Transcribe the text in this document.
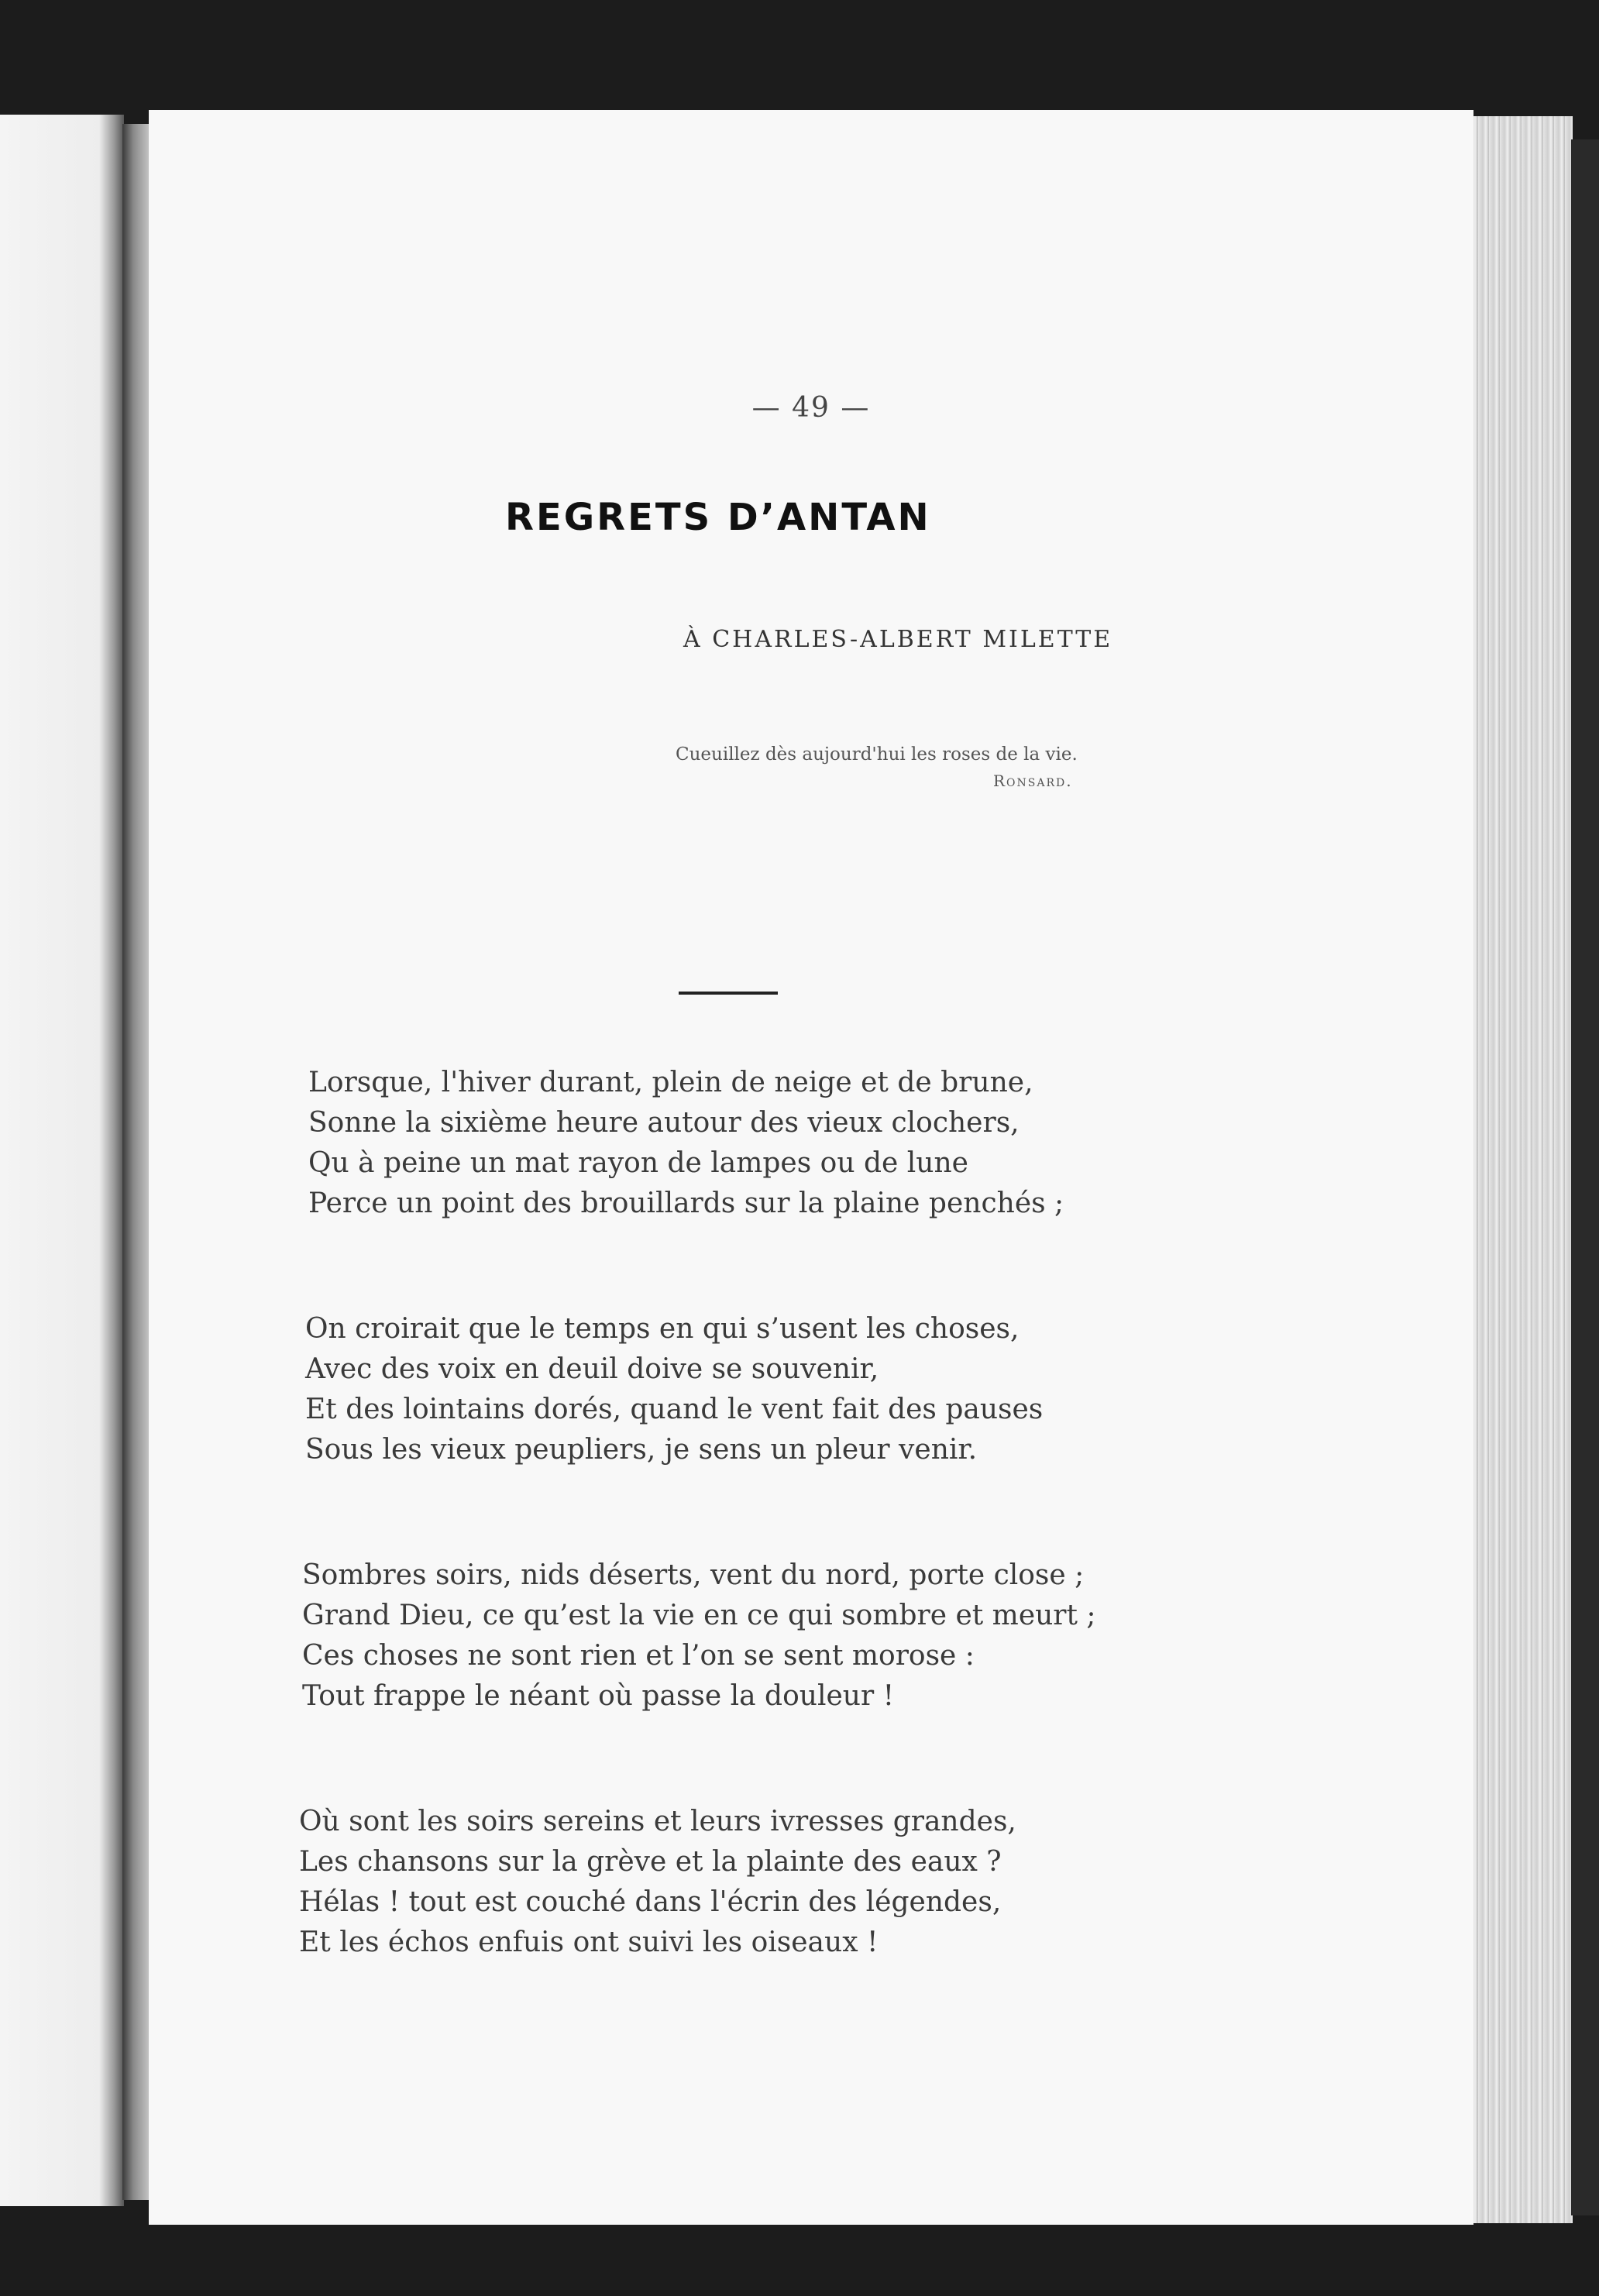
— 49 —
REGRETS D’ANTAN
À CHARLES-ALBERT MILETTE
Cueuillez dès aujourd'hui les roses de la vie.
Ronsard.
Lorsque, l'hiver durant, plein de neige et de brune,
Sonne la sixième heure autour des vieux clochers,
Qu à peine un mat rayon de lampes ou de lune
Perce un point des brouillards sur la plaine penchés ;
On croirait que le temps en qui s’usent les choses,
Avec des voix en deuil doive se souvenir,
Et des lointains dorés, quand le vent fait des pauses
Sous les vieux peupliers, je sens un pleur venir.
Sombres soirs, nids déserts, vent du nord, porte close ;
Grand Dieu, ce qu’est la vie en ce qui sombre et meurt ;
Ces choses ne sont rien et l’on se sent morose :
Tout frappe le néant où passe la douleur !
Où sont les soirs sereins et leurs ivresses grandes,
Les chansons sur la grève et la plainte des eaux ?
Hélas ! tout est couché dans l'écrin des légendes,
Et les échos enfuis ont suivi les oiseaux !
